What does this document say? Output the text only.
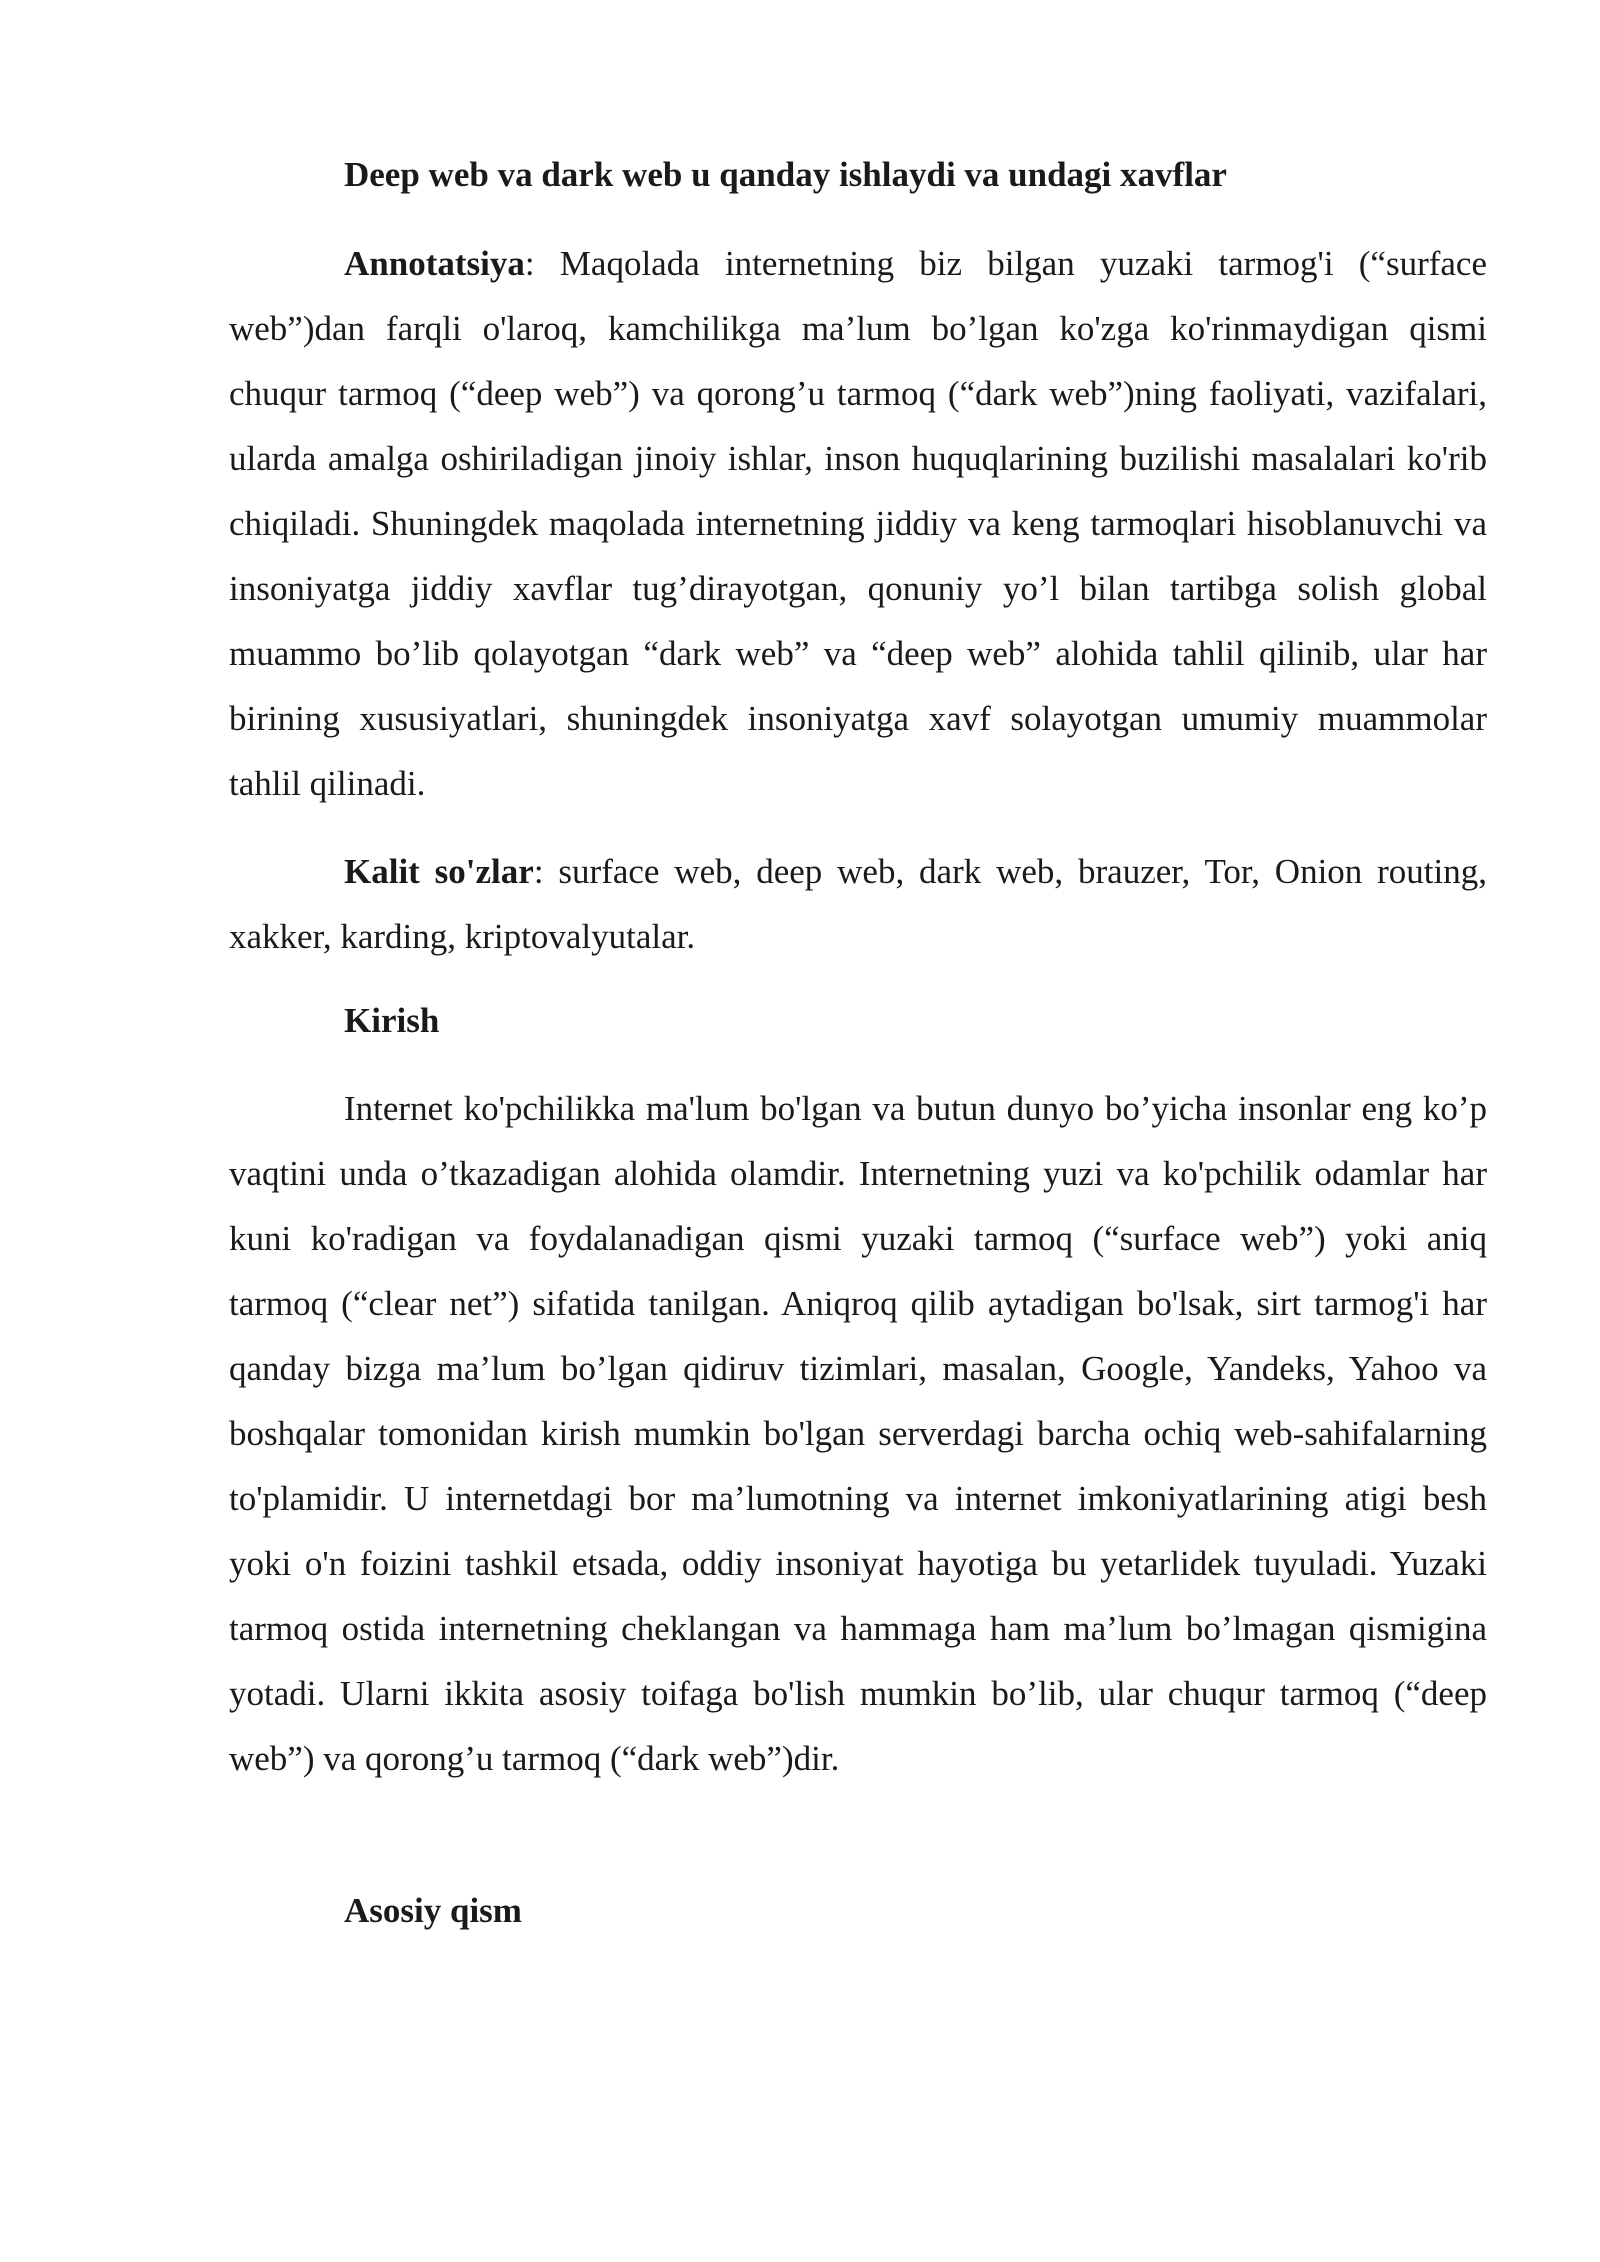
Deep web va dark web u qanday ishlaydi va undagi xavflar

Annotatsiya: Maqolada internetning biz bilgan yuzaki tarmog'i (“surface web”)dan farqli o'laroq, kamchilikga ma’lum bo’lgan ko'zga ko'rinmaydigan qismi chuqur tarmoq (“deep web”) va qorong’u tarmoq (“dark web”)ning faoliyati, vazifalari, ularda amalga oshiriladigan jinoiy ishlar, inson huquqlarining buzilishi masalalari ko'rib chiqiladi. Shuningdek maqolada internetning jiddiy va keng tarmoqlari hisoblanuvchi va insoniyatga jiddiy xavflar tug’dirayotgan, qonuniy yo’l bilan tartibga solish global muammo bo’lib qolayotgan “dark web” va “deep web” alohida tahlil qilinib, ular har birining xususiyatlari, shuningdek insoniyatga xavf solayotgan umumiy muammolar tahlil qilinadi.

Kalit so'zlar: surface web, deep web, dark web, brauzer, Tor, Onion routing, xakker, karding, kriptovalyutalar.

Kirish

Internet ko'pchilikka ma'lum bo'lgan va butun dunyo bo’yicha insonlar eng ko’p vaqtini unda o’tkazadigan alohida olamdir. Internetning yuzi va ko'pchilik odamlar har kuni ko'radigan va foydalanadigan qismi yuzaki tarmoq (“surface web”) yoki aniq tarmoq (“clear net”) sifatida tanilgan. Aniqroq qilib aytadigan bo'lsak, sirt tarmog'i har qanday bizga ma’lum bo’lgan qidiruv tizimlari, masalan, Google, Yandeks, Yahoo va boshqalar tomonidan kirish mumkin bo'lgan serverdagi barcha ochiq web-sahifalarning to'plamidir. U internetdagi bor ma’lumotning va internet imkoniyatlarining atigi besh yoki o'n foizini tashkil etsada, oddiy insoniyat hayotiga bu yetarlidek tuyuladi. Yuzaki tarmoq ostida internetning cheklangan va hammaga ham ma’lum bo’lmagan qismigina yotadi. Ularni ikkita asosiy toifaga bo'lish mumkin bo’lib, ular chuqur tarmoq (“deep web”) va qorong’u tarmoq (“dark web”)dir.

Asosiy qism
